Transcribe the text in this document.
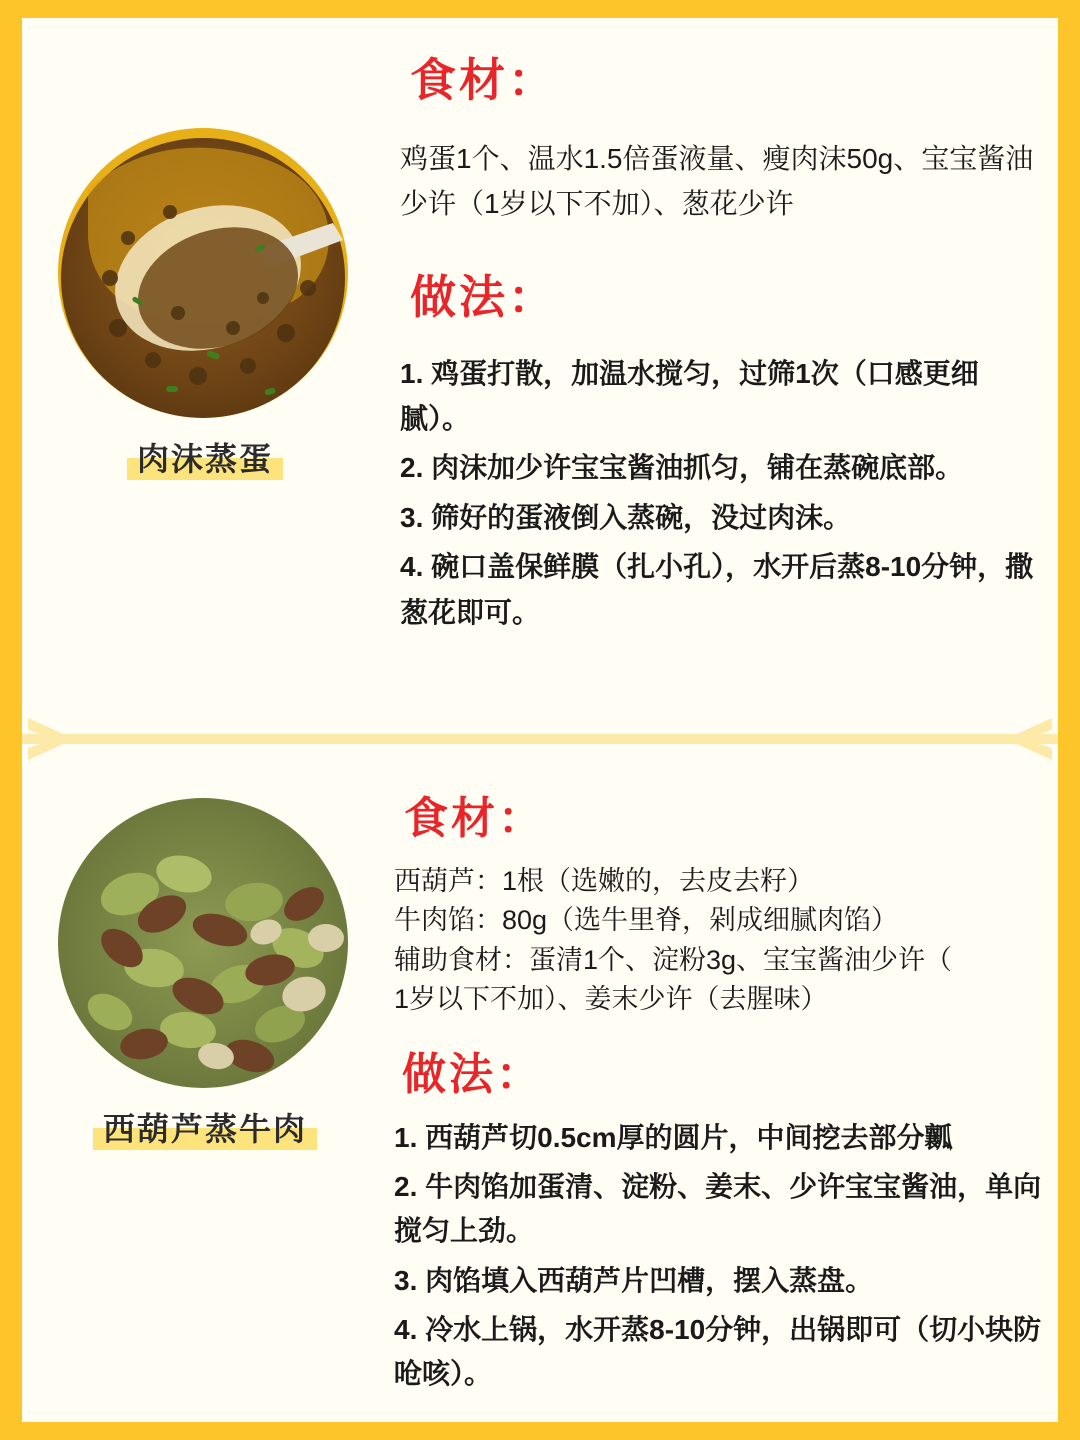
肉沫蒸蛋
食材：
鸡蛋1个、温水1.5倍蛋液量、瘦肉沫50g、宝宝酱油少许（1岁以下不加）、葱花少许
做法：
1. 鸡蛋打散，加温水搅匀，过筛1次（口感更细腻）。
2. 肉沫加少许宝宝酱油抓匀，铺在蒸碗底部。
3. 筛好的蛋液倒入蒸碗，没过肉沫。
4. 碗口盖保鲜膜（扎小孔），水开后蒸8-10分钟，撒葱花即可。
西葫芦蒸牛肉
食材：
西葫芦：1根（选嫩的，去皮去籽）
牛肉馅：80g（选牛里脊，剁成细腻肉馅）
辅助食材：蛋清1个、淀粉3g、宝宝酱油少许（
1岁以下不加）、姜末少许（去腥味）
做法：
1. 西葫芦切0.5cm厚的圆片，中间挖去部分瓤
2. 牛肉馅加蛋清、淀粉、姜末、少许宝宝酱油，单向搅匀上劲。
3. 肉馅填入西葫芦片凹槽，摆入蒸盘。
4. 冷水上锅，水开蒸8-10分钟，出锅即可（切小块防呛咳）。
